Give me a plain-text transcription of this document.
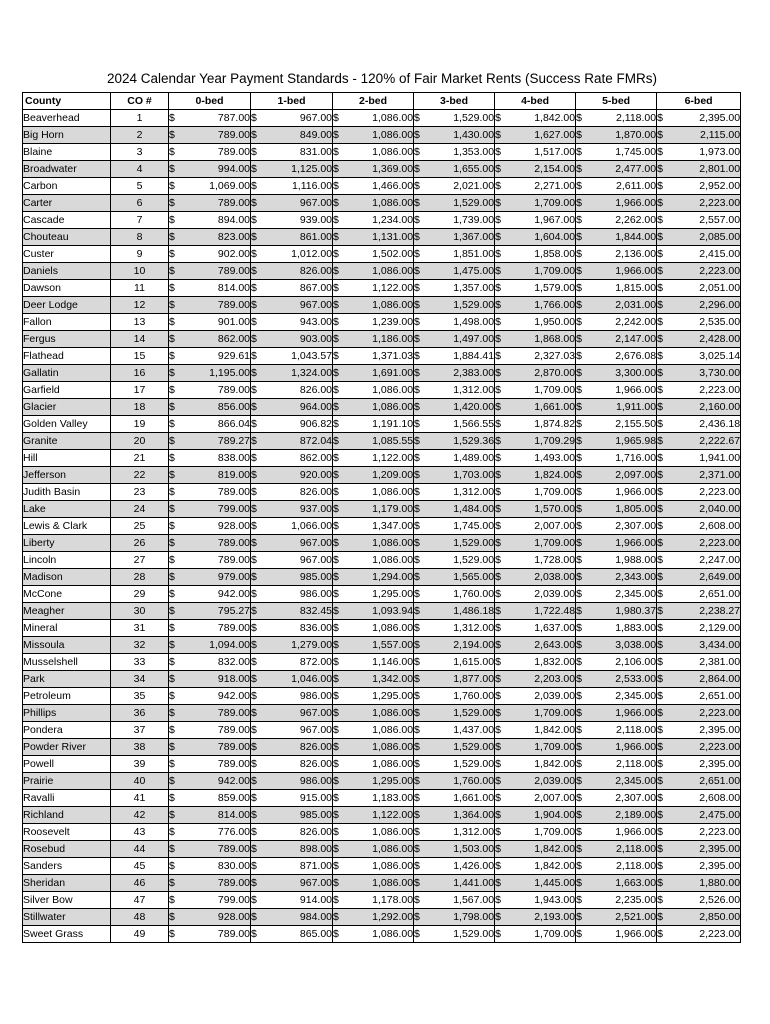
2024 Calendar Year Payment Standards - 120% of Fair Market Rents (Success Rate FMRs)
County	CO #	0-bed		1-bed		2-bed		3-bed		4-bed		5-bed		6-bed	
Beaverhead	1	$	787.00	$	967.00	$	1,086.00	$	1,529.00	$	1,842.00	$	2,118.00	$	2,395.00
Big Horn	2	$	789.00	$	849.00	$	1,086.00	$	1,430.00	$	1,627.00	$	1,870.00	$	2,115.00
Blaine	3	$	789.00	$	831.00	$	1,086.00	$	1,353.00	$	1,517.00	$	1,745.00	$	1,973.00
Broadwater	4	$	994.00	$	1,125.00	$	1,369.00	$	1,655.00	$	2,154.00	$	2,477.00	$	2,801.00
Carbon	5	$	1,069.00	$	1,116.00	$	1,466.00	$	2,021.00	$	2,271.00	$	2,611.00	$	2,952.00
Carter	6	$	789.00	$	967.00	$	1,086.00	$	1,529.00	$	1,709.00	$	1,966.00	$	2,223.00
Cascade	7	$	894.00	$	939.00	$	1,234.00	$	1,739.00	$	1,967.00	$	2,262.00	$	2,557.00
Chouteau	8	$	823.00	$	861.00	$	1,131.00	$	1,367.00	$	1,604.00	$	1,844.00	$	2,085.00
Custer	9	$	902.00	$	1,012.00	$	1,502.00	$	1,851.00	$	1,858.00	$	2,136.00	$	2,415.00
Daniels	10	$	789.00	$	826.00	$	1,086.00	$	1,475.00	$	1,709.00	$	1,966.00	$	2,223.00
Dawson	11	$	814.00	$	867.00	$	1,122.00	$	1,357.00	$	1,579.00	$	1,815.00	$	2,051.00
Deer Lodge	12	$	789.00	$	967.00	$	1,086.00	$	1,529.00	$	1,766.00	$	2,031.00	$	2,296.00
Fallon	13	$	901.00	$	943.00	$	1,239.00	$	1,498.00	$	1,950.00	$	2,242.00	$	2,535.00
Fergus	14	$	862.00	$	903.00	$	1,186.00	$	1,497.00	$	1,868.00	$	2,147.00	$	2,428.00
Flathead	15	$	929.61	$	1,043.57	$	1,371.03	$	1,884.41	$	2,327.03	$	2,676.08	$	3,025.14
Gallatin	16	$	1,195.00	$	1,324.00	$	1,691.00	$	2,383.00	$	2,870.00	$	3,300.00	$	3,730.00
Garfield	17	$	789.00	$	826.00	$	1,086.00	$	1,312.00	$	1,709.00	$	1,966.00	$	2,223.00
Glacier	18	$	856.00	$	964.00	$	1,086.00	$	1,420.00	$	1,661.00	$	1,911.00	$	2,160.00
Golden Valley	19	$	866.04	$	906.82	$	1,191.10	$	1,566.55	$	1,874.82	$	2,155.50	$	2,436.18
Granite	20	$	789.27	$	872.04	$	1,085.55	$	1,529.36	$	1,709.29	$	1,965.98	$	2,222.67
Hill	21	$	838.00	$	862.00	$	1,122.00	$	1,489.00	$	1,493.00	$	1,716.00	$	1,941.00
Jefferson	22	$	819.00	$	920.00	$	1,209.00	$	1,703.00	$	1,824.00	$	2,097.00	$	2,371.00
Judith Basin	23	$	789.00	$	826.00	$	1,086.00	$	1,312.00	$	1,709.00	$	1,966.00	$	2,223.00
Lake	24	$	799.00	$	937.00	$	1,179.00	$	1,484.00	$	1,570.00	$	1,805.00	$	2,040.00
Lewis & Clark	25	$	928.00	$	1,066.00	$	1,347.00	$	1,745.00	$	2,007.00	$	2,307.00	$	2,608.00
Liberty	26	$	789.00	$	967.00	$	1,086.00	$	1,529.00	$	1,709.00	$	1,966.00	$	2,223.00
Lincoln	27	$	789.00	$	967.00	$	1,086.00	$	1,529.00	$	1,728.00	$	1,988.00	$	2,247.00
Madison	28	$	979.00	$	985.00	$	1,294.00	$	1,565.00	$	2,038.00	$	2,343.00	$	2,649.00
McCone	29	$	942.00	$	986.00	$	1,295.00	$	1,760.00	$	2,039.00	$	2,345.00	$	2,651.00
Meagher	30	$	795.27	$	832.45	$	1,093.94	$	1,486.18	$	1,722.48	$	1,980.37	$	2,238.27
Mineral	31	$	789.00	$	836.00	$	1,086.00	$	1,312.00	$	1,637.00	$	1,883.00	$	2,129.00
Missoula	32	$	1,094.00	$	1,279.00	$	1,557.00	$	2,194.00	$	2,643.00	$	3,038.00	$	3,434.00
Musselshell	33	$	832.00	$	872.00	$	1,146.00	$	1,615.00	$	1,832.00	$	2,106.00	$	2,381.00
Park	34	$	918.00	$	1,046.00	$	1,342.00	$	1,877.00	$	2,203.00	$	2,533.00	$	2,864.00
Petroleum	35	$	942.00	$	986.00	$	1,295.00	$	1,760.00	$	2,039.00	$	2,345.00	$	2,651.00
Phillips	36	$	789.00	$	967.00	$	1,086.00	$	1,529.00	$	1,709.00	$	1,966.00	$	2,223.00
Pondera	37	$	789.00	$	967.00	$	1,086.00	$	1,437.00	$	1,842.00	$	2,118.00	$	2,395.00
Powder River	38	$	789.00	$	826.00	$	1,086.00	$	1,529.00	$	1,709.00	$	1,966.00	$	2,223.00
Powell	39	$	789.00	$	826.00	$	1,086.00	$	1,529.00	$	1,842.00	$	2,118.00	$	2,395.00
Prairie	40	$	942.00	$	986.00	$	1,295.00	$	1,760.00	$	2,039.00	$	2,345.00	$	2,651.00
Ravalli	41	$	859.00	$	915.00	$	1,183.00	$	1,661.00	$	2,007.00	$	2,307.00	$	2,608.00
Richland	42	$	814.00	$	985.00	$	1,122.00	$	1,364.00	$	1,904.00	$	2,189.00	$	2,475.00
Roosevelt	43	$	776.00	$	826.00	$	1,086.00	$	1,312.00	$	1,709.00	$	1,966.00	$	2,223.00
Rosebud	44	$	789.00	$	898.00	$	1,086.00	$	1,503.00	$	1,842.00	$	2,118.00	$	2,395.00
Sanders	45	$	830.00	$	871.00	$	1,086.00	$	1,426.00	$	1,842.00	$	2,118.00	$	2,395.00
Sheridan	46	$	789.00	$	967.00	$	1,086.00	$	1,441.00	$	1,445.00	$	1,663.00	$	1,880.00
Silver Bow	47	$	799.00	$	914.00	$	1,178.00	$	1,567.00	$	1,943.00	$	2,235.00	$	2,526.00
Stillwater	48	$	928.00	$	984.00	$	1,292.00	$	1,798.00	$	2,193.00	$	2,521.00	$	2,850.00
Sweet Grass	49	$	789.00	$	865.00	$	1,086.00	$	1,529.00	$	1,709.00	$	1,966.00	$	2,223.00
